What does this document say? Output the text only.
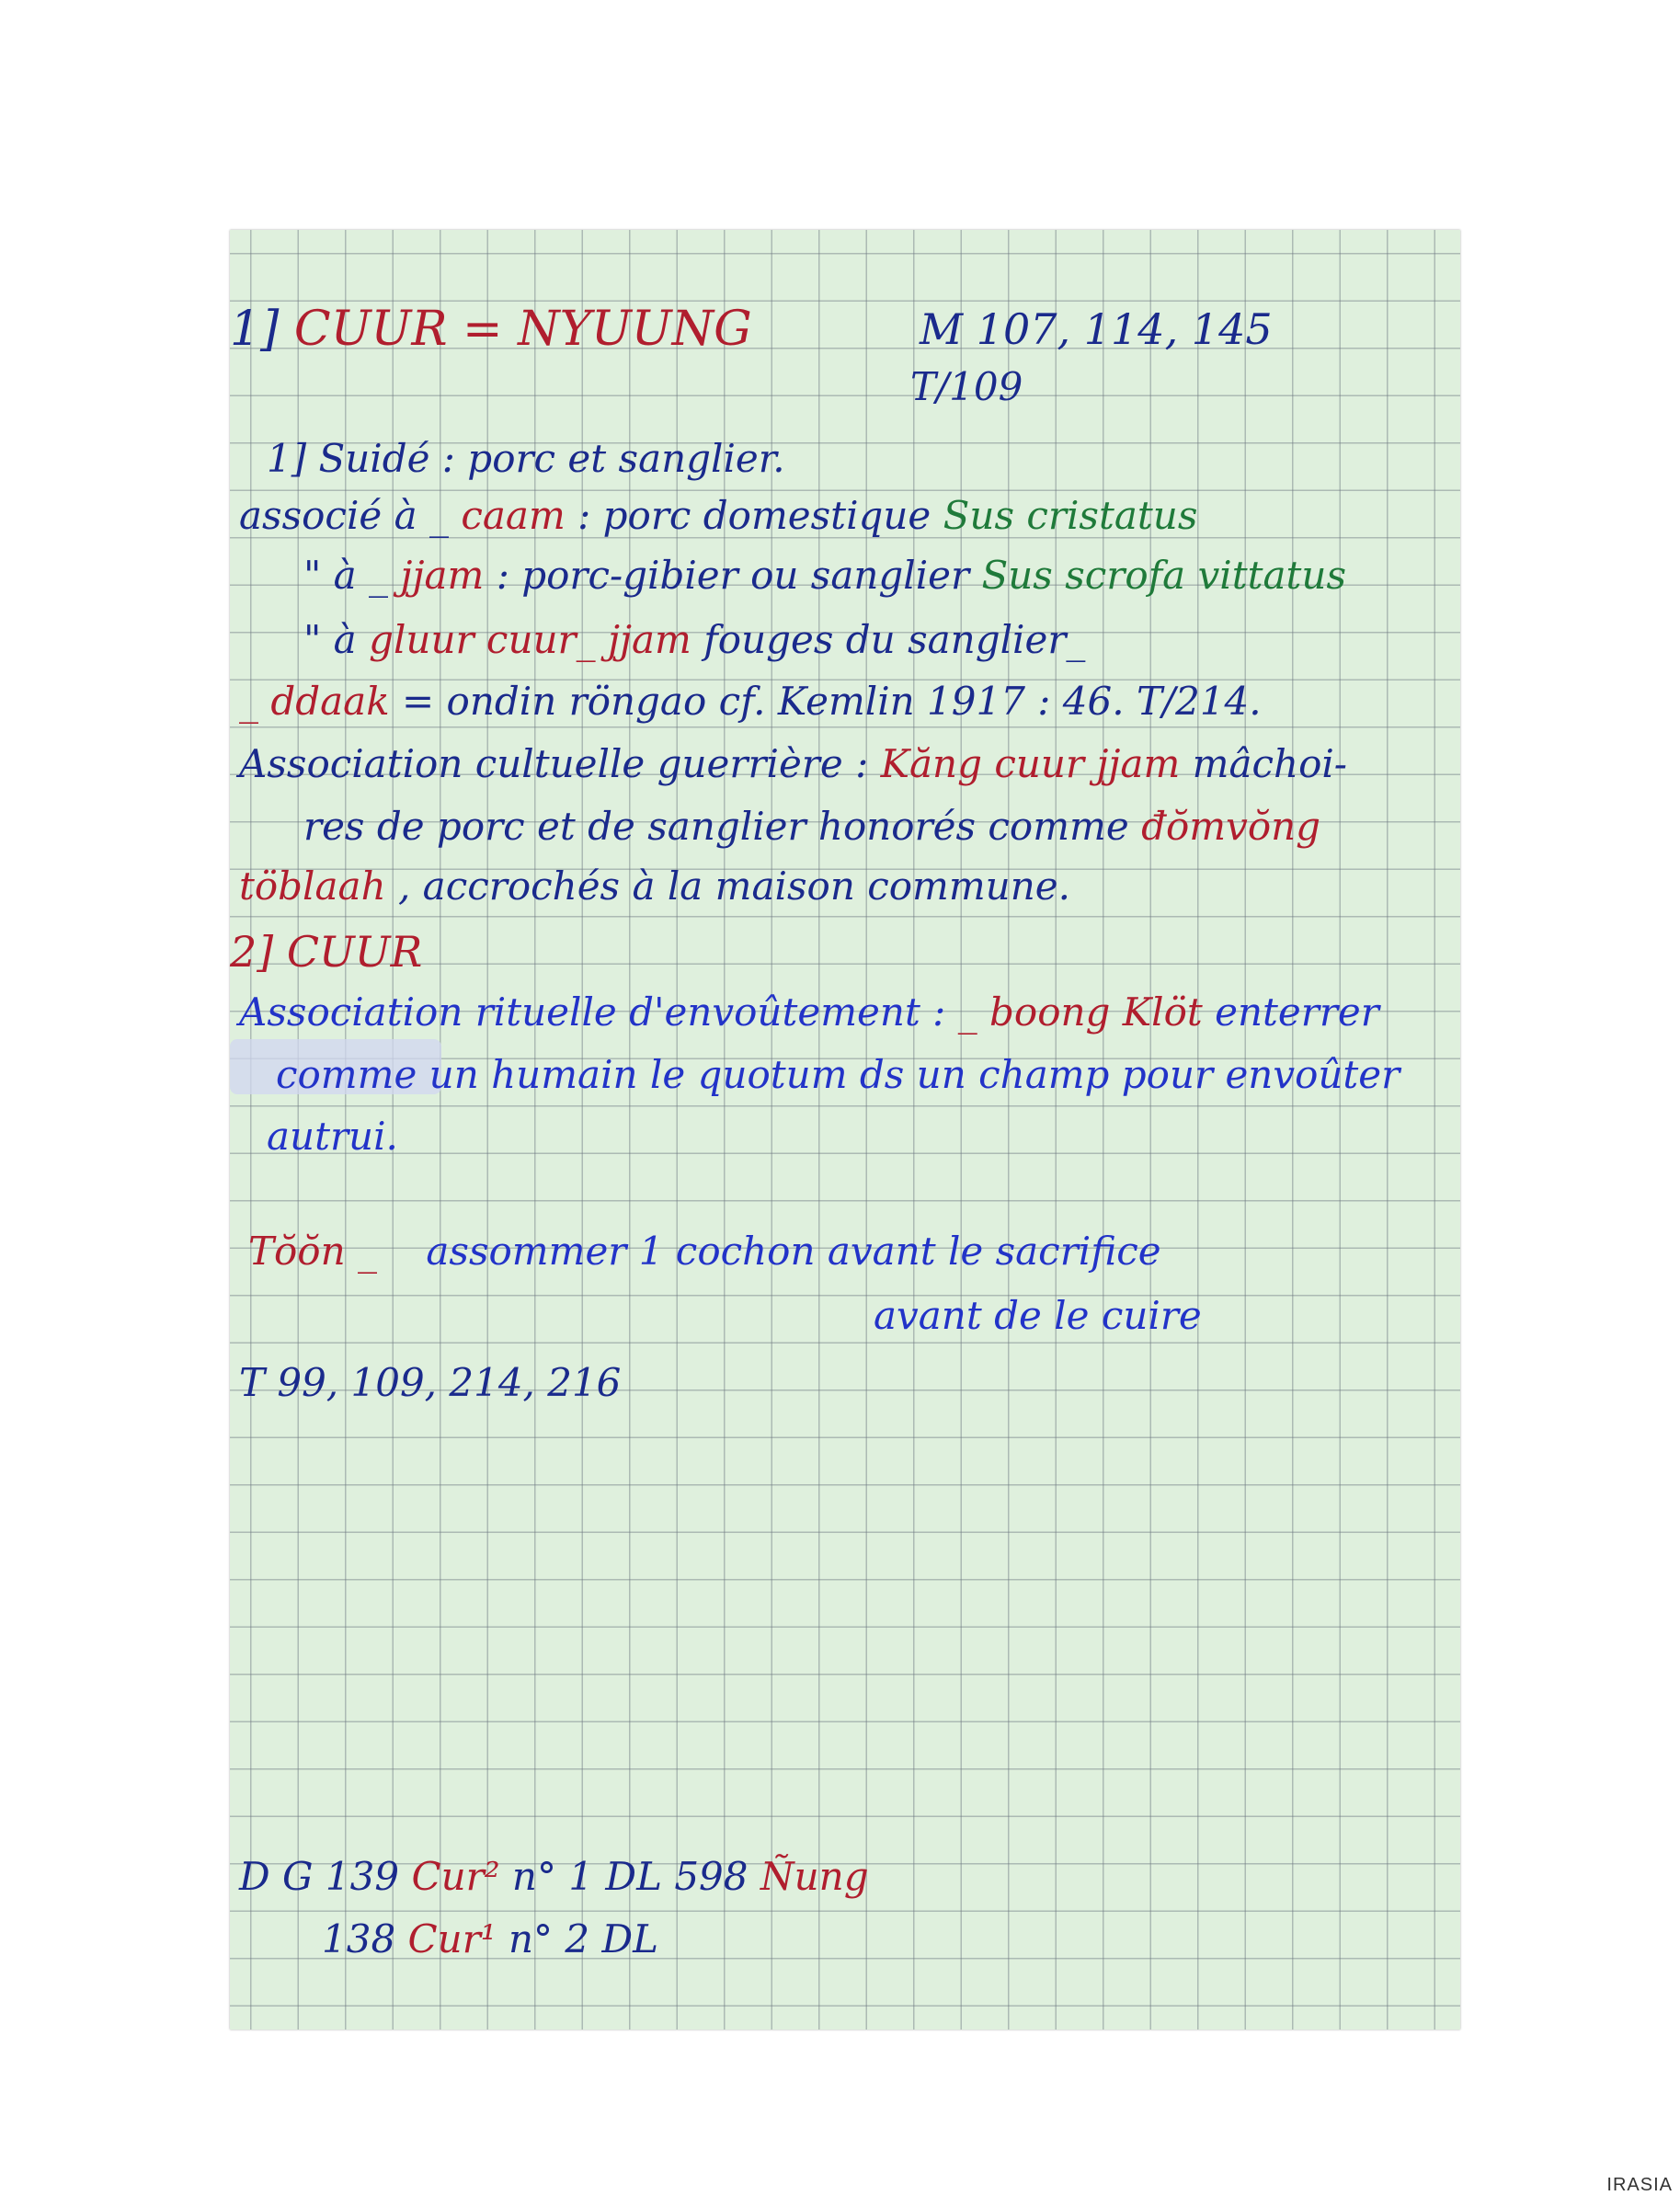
1] CUUR = NYUUNG	M 107, 114, 145
T/109
1] Suidé : porc et sanglier.
associé à _ caam : porc domestique Sus cristatus
" à _ jjam : porc-gibier ou sanglier Sus scrofa vittatus
" à gluur cuur_ jjam fouges du sanglier_
_ ddaak = ondin röngao cf. Kemlin 1917 : 46. T/214.
Association cultuelle guerrière : Kăng cuur jjam mâchoi-
res de porc et de sanglier honorés comme đŏmvŏng
töblaah , accrochés à la maison commune.
2] CUUR
Association rituelle d'envoûtement : _ boong Klöt enterrer
comme un humain le quotum ds un champ pour envoûter
autrui.
Tŏŏn _ assommer 1 cochon avant le sacrifice
avant de le cuire
T 99, 109, 214, 216
D G 139 Cur² n° 1 DL 598 Ñung
138 Cur¹ n° 2 DL
IRASIA
